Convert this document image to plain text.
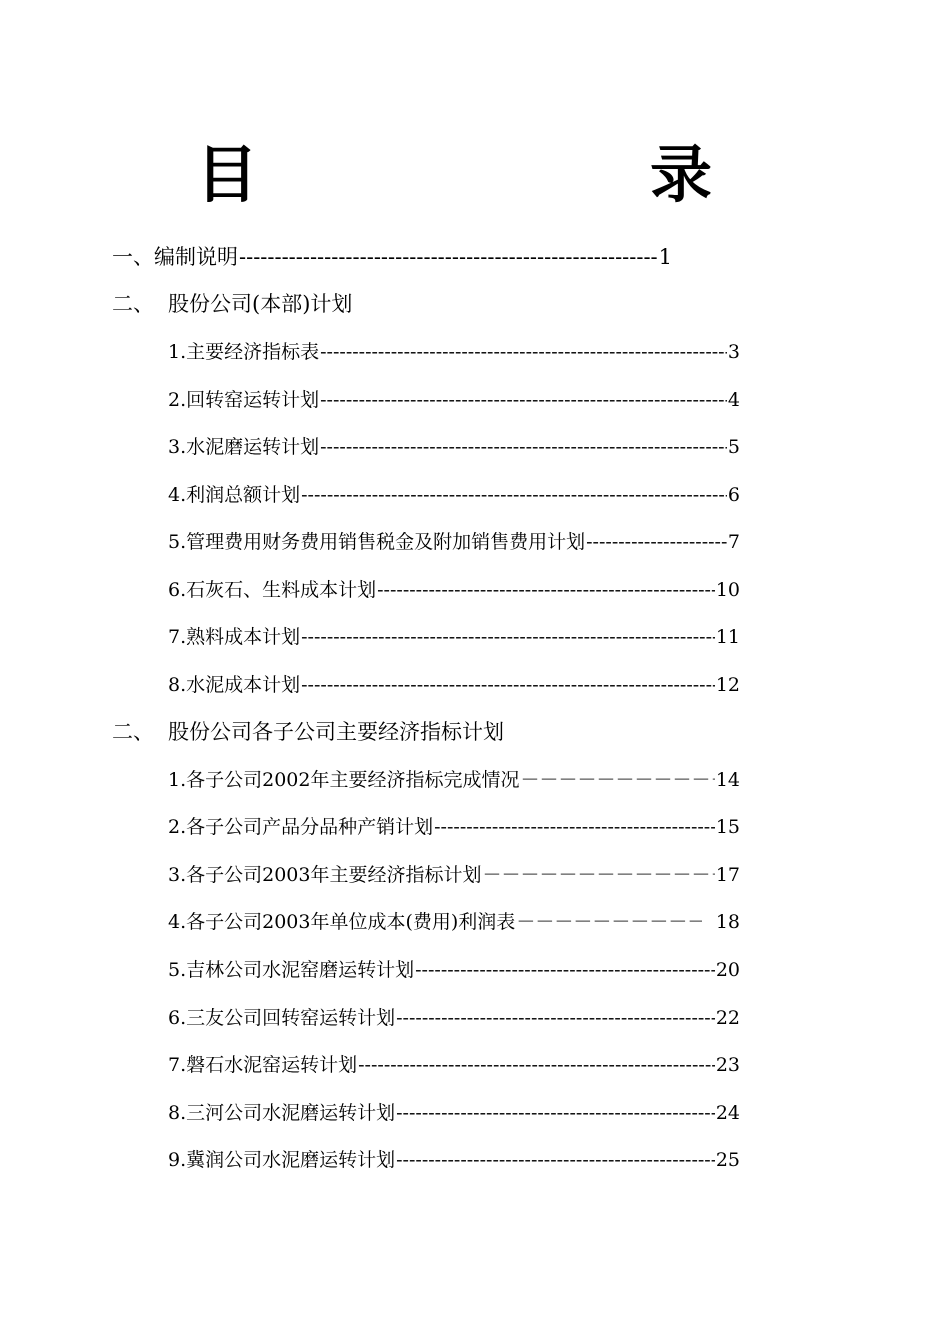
目	录
一、 编制说明 -----	1
二、 股份公司(本部)计划
1.主要经济指标表 -----	3
2.回转窑运转计划 -----	4
3.水泥磨运转计划 -----	5
4.利润总额计划 -----	6
5.管理费用财务费用销售税金及附加销售费用计划 -----	7
6.石灰石、生料成本计划 -----	10
7.熟料成本计划 -----	11
8.水泥成本计划 -----	12
二、 股份公司各子公司主要经济指标计划
1.各子公司2002年主要经济指标完成情况 －－－－－－－－－－－－－－－－－－－－－－－－－－－－－－－－－－－－－－－－－－－－－－－－－－－－	14
2.各子公司产品分品种产销计划 -----	15
3.各子公司2003年主要经济指标计划 －－－－－－－－－－－－－－－－－－－－－－－－－－－－－－－－－－－－－－－－－－－－－－－－－－－－	17
4.各子公司2003年单位成本(费用)利润表 －－－－－－－－－－－－－－－－－－－－－－－－－－－－－－－－－－－－－－－－－－－－－－－－－－－－	18
5.吉林公司水泥窑磨运转计划 -----	20
6.三友公司回转窑运转计划 -----	22
7.磐石水泥窑运转计划 -----	23
8.三河公司水泥磨运转计划 -----	24
9.冀润公司水泥磨运转计划 -----	25
